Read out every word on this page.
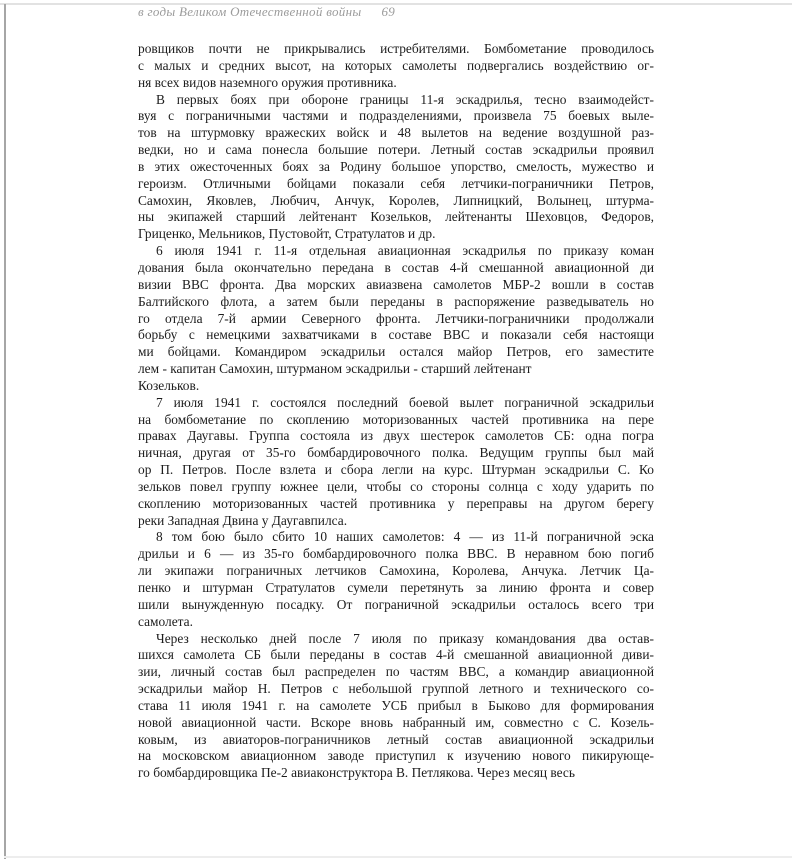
в годы Великом Отечественной войны 69
ровщиков почти не прикрывались истребителями. Бомбометание проводилось
с малых и средних высот, на которых самолеты подвергались воздействию ог-
ня всех видов наземного оружия противника.
В первых боях при обороне границы 11-я эскадрилья, тесно взаимодейст-
вуя с пограничными частями и подразделениями, произвела 75 боевых выле-
тов на штурмовку вражеских войск и 48 вылетов на ведение воздушной раз-
ведки, но и сама понесла большие потери. Летный состав эскадрильи проявил
в этих ожесточенных боях за Родину большое упорство, смелость, мужество и
героизм. Отличными бойцами показали себя летчики-пограничники Петров,
Самохин, Яковлев, Любчич, Анчук, Королев, Липницкий, Волынец, штурма-
ны экипажей старший лейтенант Козельков, лейтенанты Шеховцов, Федоров,
Гриценко, Мельников, Пустовойт, Стратулатов и др.
6 июля 1941 г. 11-я отдельная авиационная эскадрилья по приказу коман
дования была окончательно передана в состав 4-й смешанной авиационной ди
визии ВВС фронта. Два морских авиазвена самолетов МБР-2 вошли в состав
Балтийского флота, а затем были переданы в распоряжение разведыватель но
го отдела 7-й армии Северного фронта. Летчики-пограничники продолжали
борьбу с немецкими захватчиками в составе ВВС и показали себя настоящи
ми бойцами. Командиром эскадрильи остался майор Петров, его заместите
лем - капитан Самохин, штурманом эскадрильи - старший лейтенант
Козельков.
7 июля 1941 г. состоялся последний боевой вылет пограничной эскадрильи
на бомбометание по скоплению моторизованных частей противника на пере
правах Даугавы. Группа состояла из двух шестерок самолетов СБ: одна погра
ничная, другая от 35-го бомбардировочного полка. Ведущим группы был май
ор П. Петров. После взлета и сбора легли на курс. Штурман эскадрильи С. Ко
зельков повел группу южнее цели, чтобы со стороны солнца с ходу ударить по
скоплению моторизованных частей противника у переправы на другом берегу
реки Западная Двина у Даугавпилса.
8 том бою было сбито 10 наших самолетов: 4 — из 11-й пограничной эска
дрильи и 6 — из 35-го бомбардировочного полка ВВС. В неравном бою погиб
ли экипажи пограничных летчиков Самохина, Королева, Анчука. Летчик Ца-
пенко и штурман Стратулатов сумели перетянуть за линию фронта и совер
шили вынужденную посадку. От пограничной эскадрильи осталось всего три
самолета.
Через несколько дней после 7 июля по приказу командования два остав-
шихся самолета СБ были переданы в состав 4-й смешанной авиационной диви-
зии, личный состав был распределен по частям ВВС, а командир авиационной
эскадрильи майор Н. Петров с небольшой группой летного и технического со-
става 11 июля 1941 г. на самолете УСБ прибыл в Быково для формирования
новой авиационной части. Вскоре вновь набранный им, совместно с С. Козель-
ковым, из авиаторов-пограничников летный состав авиационной эскадрильи
на московском авиационном заводе приступил к изучению нового пикирующе-
го бомбардировщика Пе-2 авиаконструктора В. Петлякова. Через месяц весь
